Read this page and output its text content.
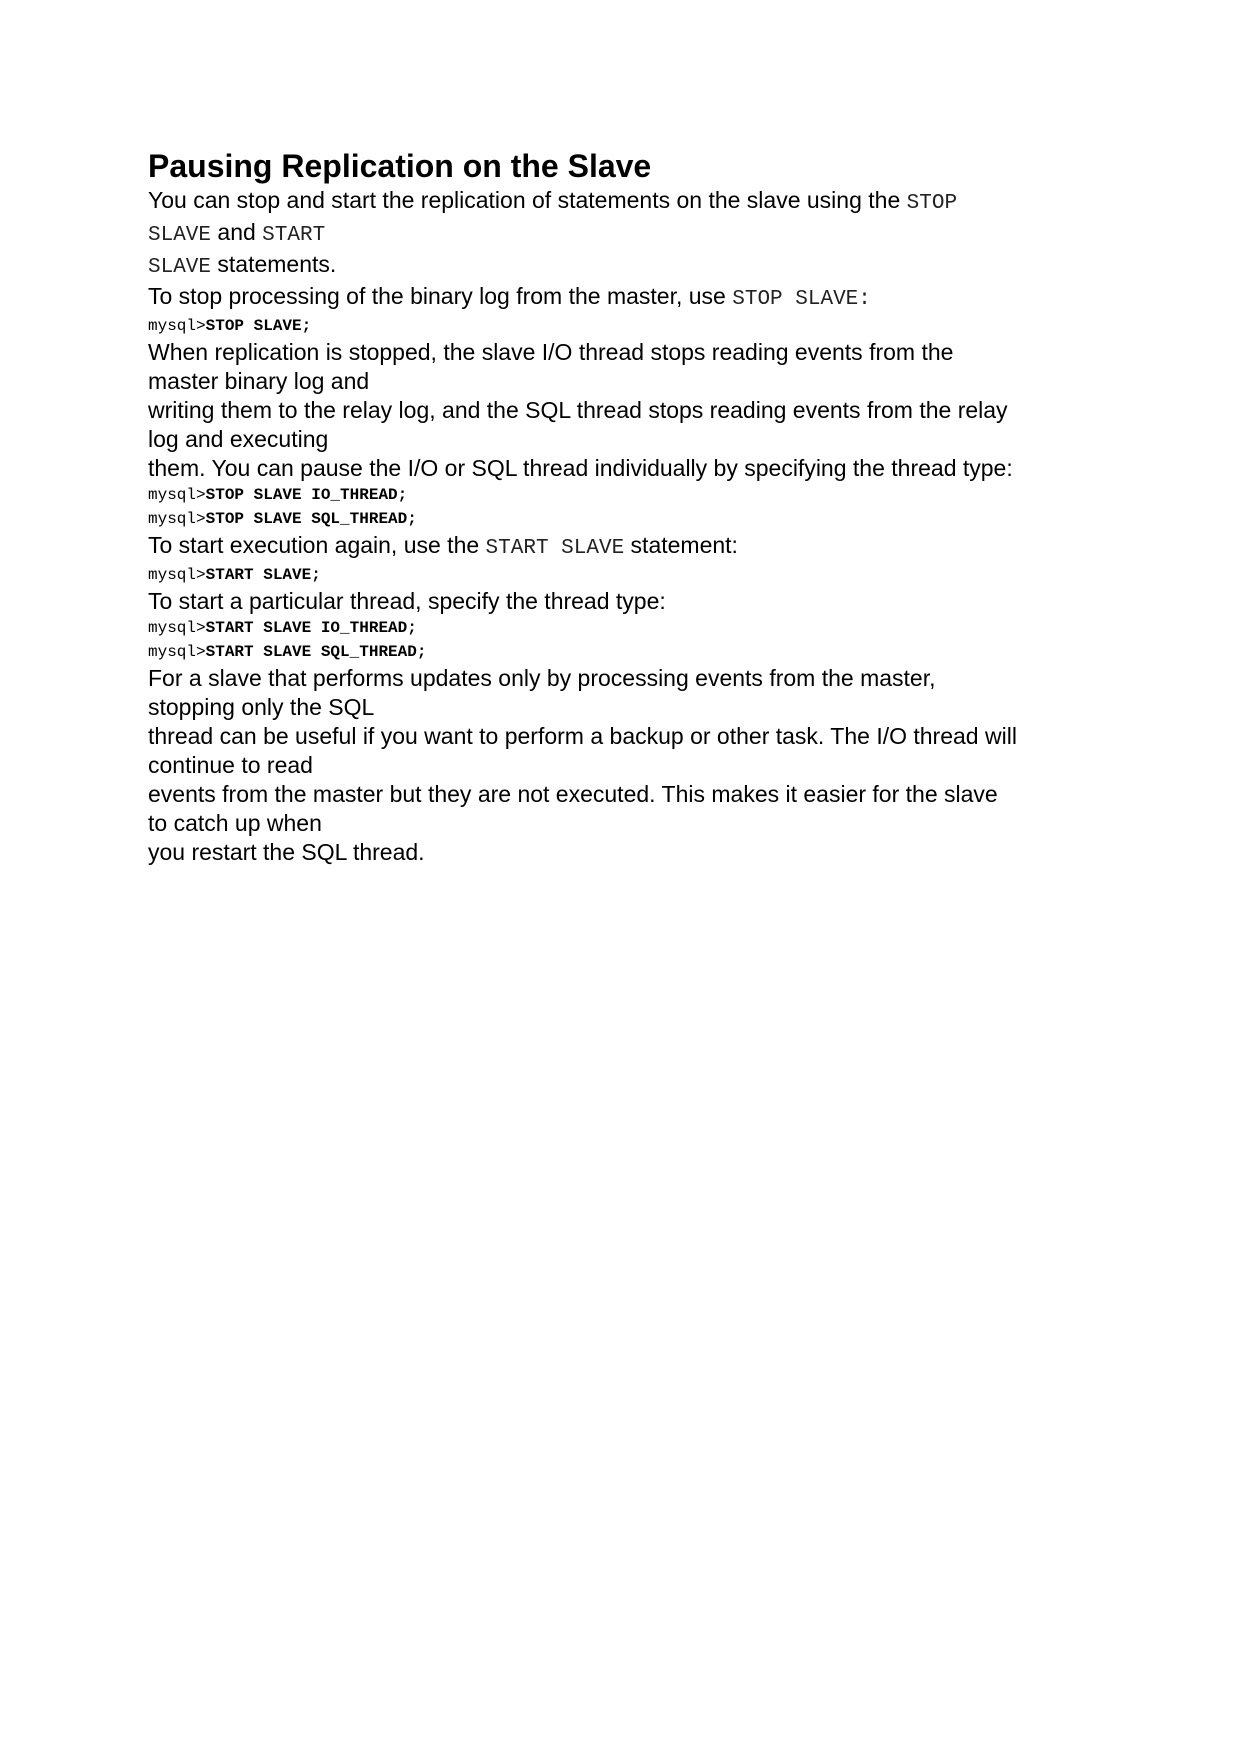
Pausing Replication on the Slave
You can stop and start the replication of statements on the slave using the STOP
SLAVE and START
SLAVE statements.
To stop processing of the binary log from the master, use STOP SLAVE:
mysql>STOP SLAVE;
When replication is stopped, the slave I/O thread stops reading events from the
master binary log and
writing them to the relay log, and the SQL thread stops reading events from the relay
log and executing
them. You can pause the I/O or SQL thread individually by specifying the thread type:
mysql>STOP SLAVE IO_THREAD;
mysql>STOP SLAVE SQL_THREAD;
To start execution again, use the START SLAVE statement:
mysql>START SLAVE;
To start a particular thread, specify the thread type:
mysql>START SLAVE IO_THREAD;
mysql>START SLAVE SQL_THREAD;
For a slave that performs updates only by processing events from the master,
stopping only the SQL
thread can be useful if you want to perform a backup or other task. The I/O thread will
continue to read
events from the master but they are not executed. This makes it easier for the slave
to catch up when
you restart the SQL thread.
